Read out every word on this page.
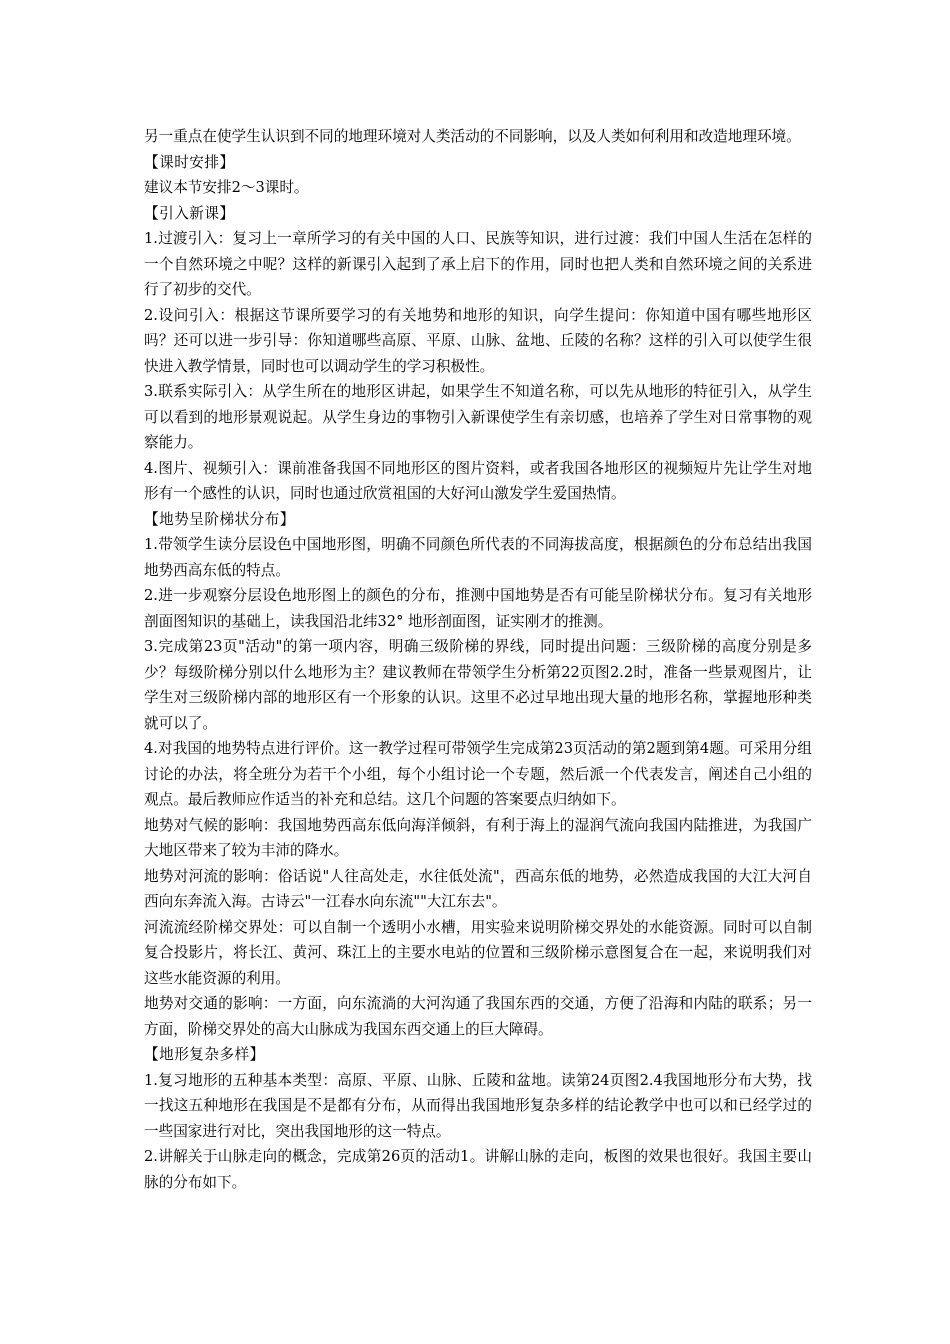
另一重点在使学生认识到不同的地理环境对人类活动的不同影响，以及人类如何利用和改造地理环境。

【课时安排】

建议本节安排2～3课时。

【引入新课】

1.过渡引入：复习上一章所学习的有关中国的人口、民族等知识，进行过渡：我们中国人生活在怎样的一个自然环境之中呢？这样的新课引入起到了承上启下的作用，同时也把人类和自然环境之间的关系进行了初步的交代。

2.设问引入：根据这节课所要学习的有关地势和地形的知识，向学生提问：你知道中国有哪些地形区吗？还可以进一步引导：你知道哪些高原、平原、山脉、盆地、丘陵的名称？这样的引入可以使学生很快进入教学情景，同时也可以调动学生的学习积极性。

3.联系实际引入：从学生所在的地形区讲起，如果学生不知道名称，可以先从地形的特征引入，从学生可以看到的地形景观说起。从学生身边的事物引入新课使学生有亲切感，也培养了学生对日常事物的观察能力。

4.图片、视频引入：课前准备我国不同地形区的图片资料，或者我国各地形区的视频短片先让学生对地形有一个感性的认识，同时也通过欣赏祖国的大好河山激发学生爱国热情。

【地势呈阶梯状分布】

1.带领学生读分层设色中国地形图，明确不同颜色所代表的不同海拔高度，根据颜色的分布总结出我国地势西高东低的特点。

2.进一步观察分层设色地形图上的颜色的分布，推测中国地势是否有可能呈阶梯状分布。复习有关地形剖面图知识的基础上，读我国沿北纬32° 地形剖面图，证实刚才的推测。

3.完成第23页"活动"的第一项内容，明确三级阶梯的界线，同时提出问题：三级阶梯的高度分别是多少？每级阶梯分别以什么地形为主？建议教师在带领学生分析第22页图2.2时，准备一些景观图片，让学生对三级阶梯内部的地形区有一个形象的认识。这里不必过早地出现大量的地形名称，掌握地形种类就可以了。

4.对我国的地势特点进行评价。这一教学过程可带领学生完成第23页活动的第2题到第4题。可采用分组讨论的办法，将全班分为若干个小组，每个小组讨论一个专题，然后派一个代表发言，阐述自己小组的观点。最后教师应作适当的补充和总结。这几个问题的答案要点归纳如下。

地势对气候的影响：我国地势西高东低向海洋倾斜，有利于海上的湿润气流向我国内陆推进，为我国广大地区带来了较为丰沛的降水。

地势对河流的影响：俗话说"人往高处走，水往低处流"，西高东低的地势，必然造成我国的大江大河自西向东奔流入海。古诗云"一江春水向东流""大江东去"。

河流流经阶梯交界处：可以自制一个透明小水槽，用实验来说明阶梯交界处的水能资源。同时可以自制复合投影片，将长江、黄河、珠江上的主要水电站的位置和三级阶梯示意图复合在一起，来说明我们对这些水能资源的利用。

地势对交通的影响：一方面，向东流淌的大河沟通了我国东西的交通，方便了沿海和内陆的联系；另一方面，阶梯交界处的高大山脉成为我国东西交通上的巨大障碍。

【地形复杂多样】

1.复习地形的五种基本类型：高原、平原、山脉、丘陵和盆地。读第24页图2.4我国地形分布大势，找一找这五种地形在我国是不是都有分布，从而得出我国地形复杂多样的结论教学中也可以和已经学过的一些国家进行对比，突出我国地形的这一特点。

2.讲解关于山脉走向的概念，完成第26页的活动1。讲解山脉的走向，板图的效果也很好。我国主要山脉的分布如下。
